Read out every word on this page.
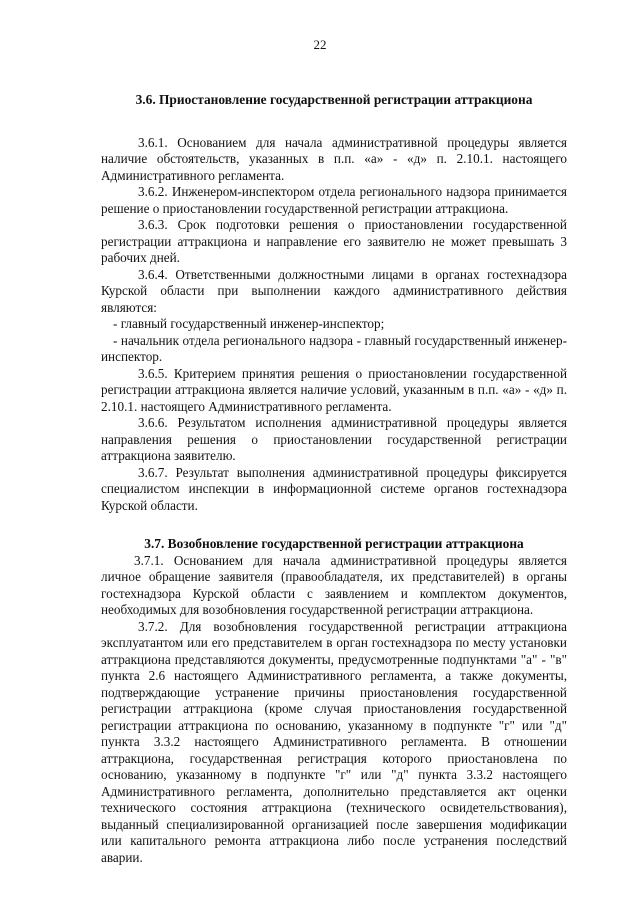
22
3.6. Приостановление государственной регистрации аттракциона

3.6.1. Основанием для начала административной процедуры является наличие обстоятельств, указанных в п.п. «а» - «д» п. 2.10.1. настоящего Административного регламента.

3.6.2. Инженером-инспектором отдела регионального надзора принимается решение о приостановлении государственной регистрации аттракциона.

3.6.3. Срок подготовки решения о приостановлении государственной регистрации аттракциона и направление его заявителю не может превышать 3 рабочих дней.

3.6.4. Ответственными должностными лицами в органах гостехнадзора Курской области при выполнении каждого административного действия являются:

- главный государственный инженер-инспектор;

- начальник отдела регионального надзора - главный государственный инженер-инспектор.

3.6.5. Критерием принятия решения о приостановлении государственной регистрации аттракциона является наличие условий, указанным в п.п. «а» - «д» п. 2.10.1. настоящего Административного регламента.

3.6.6. Результатом исполнения административной процедуры является направления решения о приостановлении государственной регистрации аттракциона заявителю.

3.6.7. Результат выполнения административной процедуры фиксируется специалистом инспекции в информационной системе органов гостехнадзора Курской области.

3.7. Возобновление государственной регистрации аттракциона

3.7.1. Основанием для начала административной процедуры является личное обращение заявителя (правообладателя, их представителей) в органы гостехнадзора Курской области с заявлением и комплектом документов, необходимых для возобновления государственной регистрации аттракциона.

3.7.2. Для возобновления государственной регистрации аттракциона эксплуатантом или его представителем в орган гостехнадзора по месту установки аттракциона представляются документы, предусмотренные подпунктами "а" - "в" пункта 2.6 настоящего Административного регламента, а также документы, подтверждающие устранение причины приостановления государственной регистрации аттракциона (кроме случая приостановления государственной регистрации аттракциона по основанию, указанному в подпункте "г" или "д" пункта 3.3.2 настоящего Административного регламента. В отношении аттракциона, государственная регистрация которого приостановлена по основанию, указанному в подпункте "г" или "д" пункта 3.3.2 настоящего Административного регламента, дополнительно представляется акт оценки технического состояния аттракциона (технического освидетельствования), выданный специализированной организацией после завершения модификации или капитального ремонта аттракциона либо после устранения последствий аварии.
